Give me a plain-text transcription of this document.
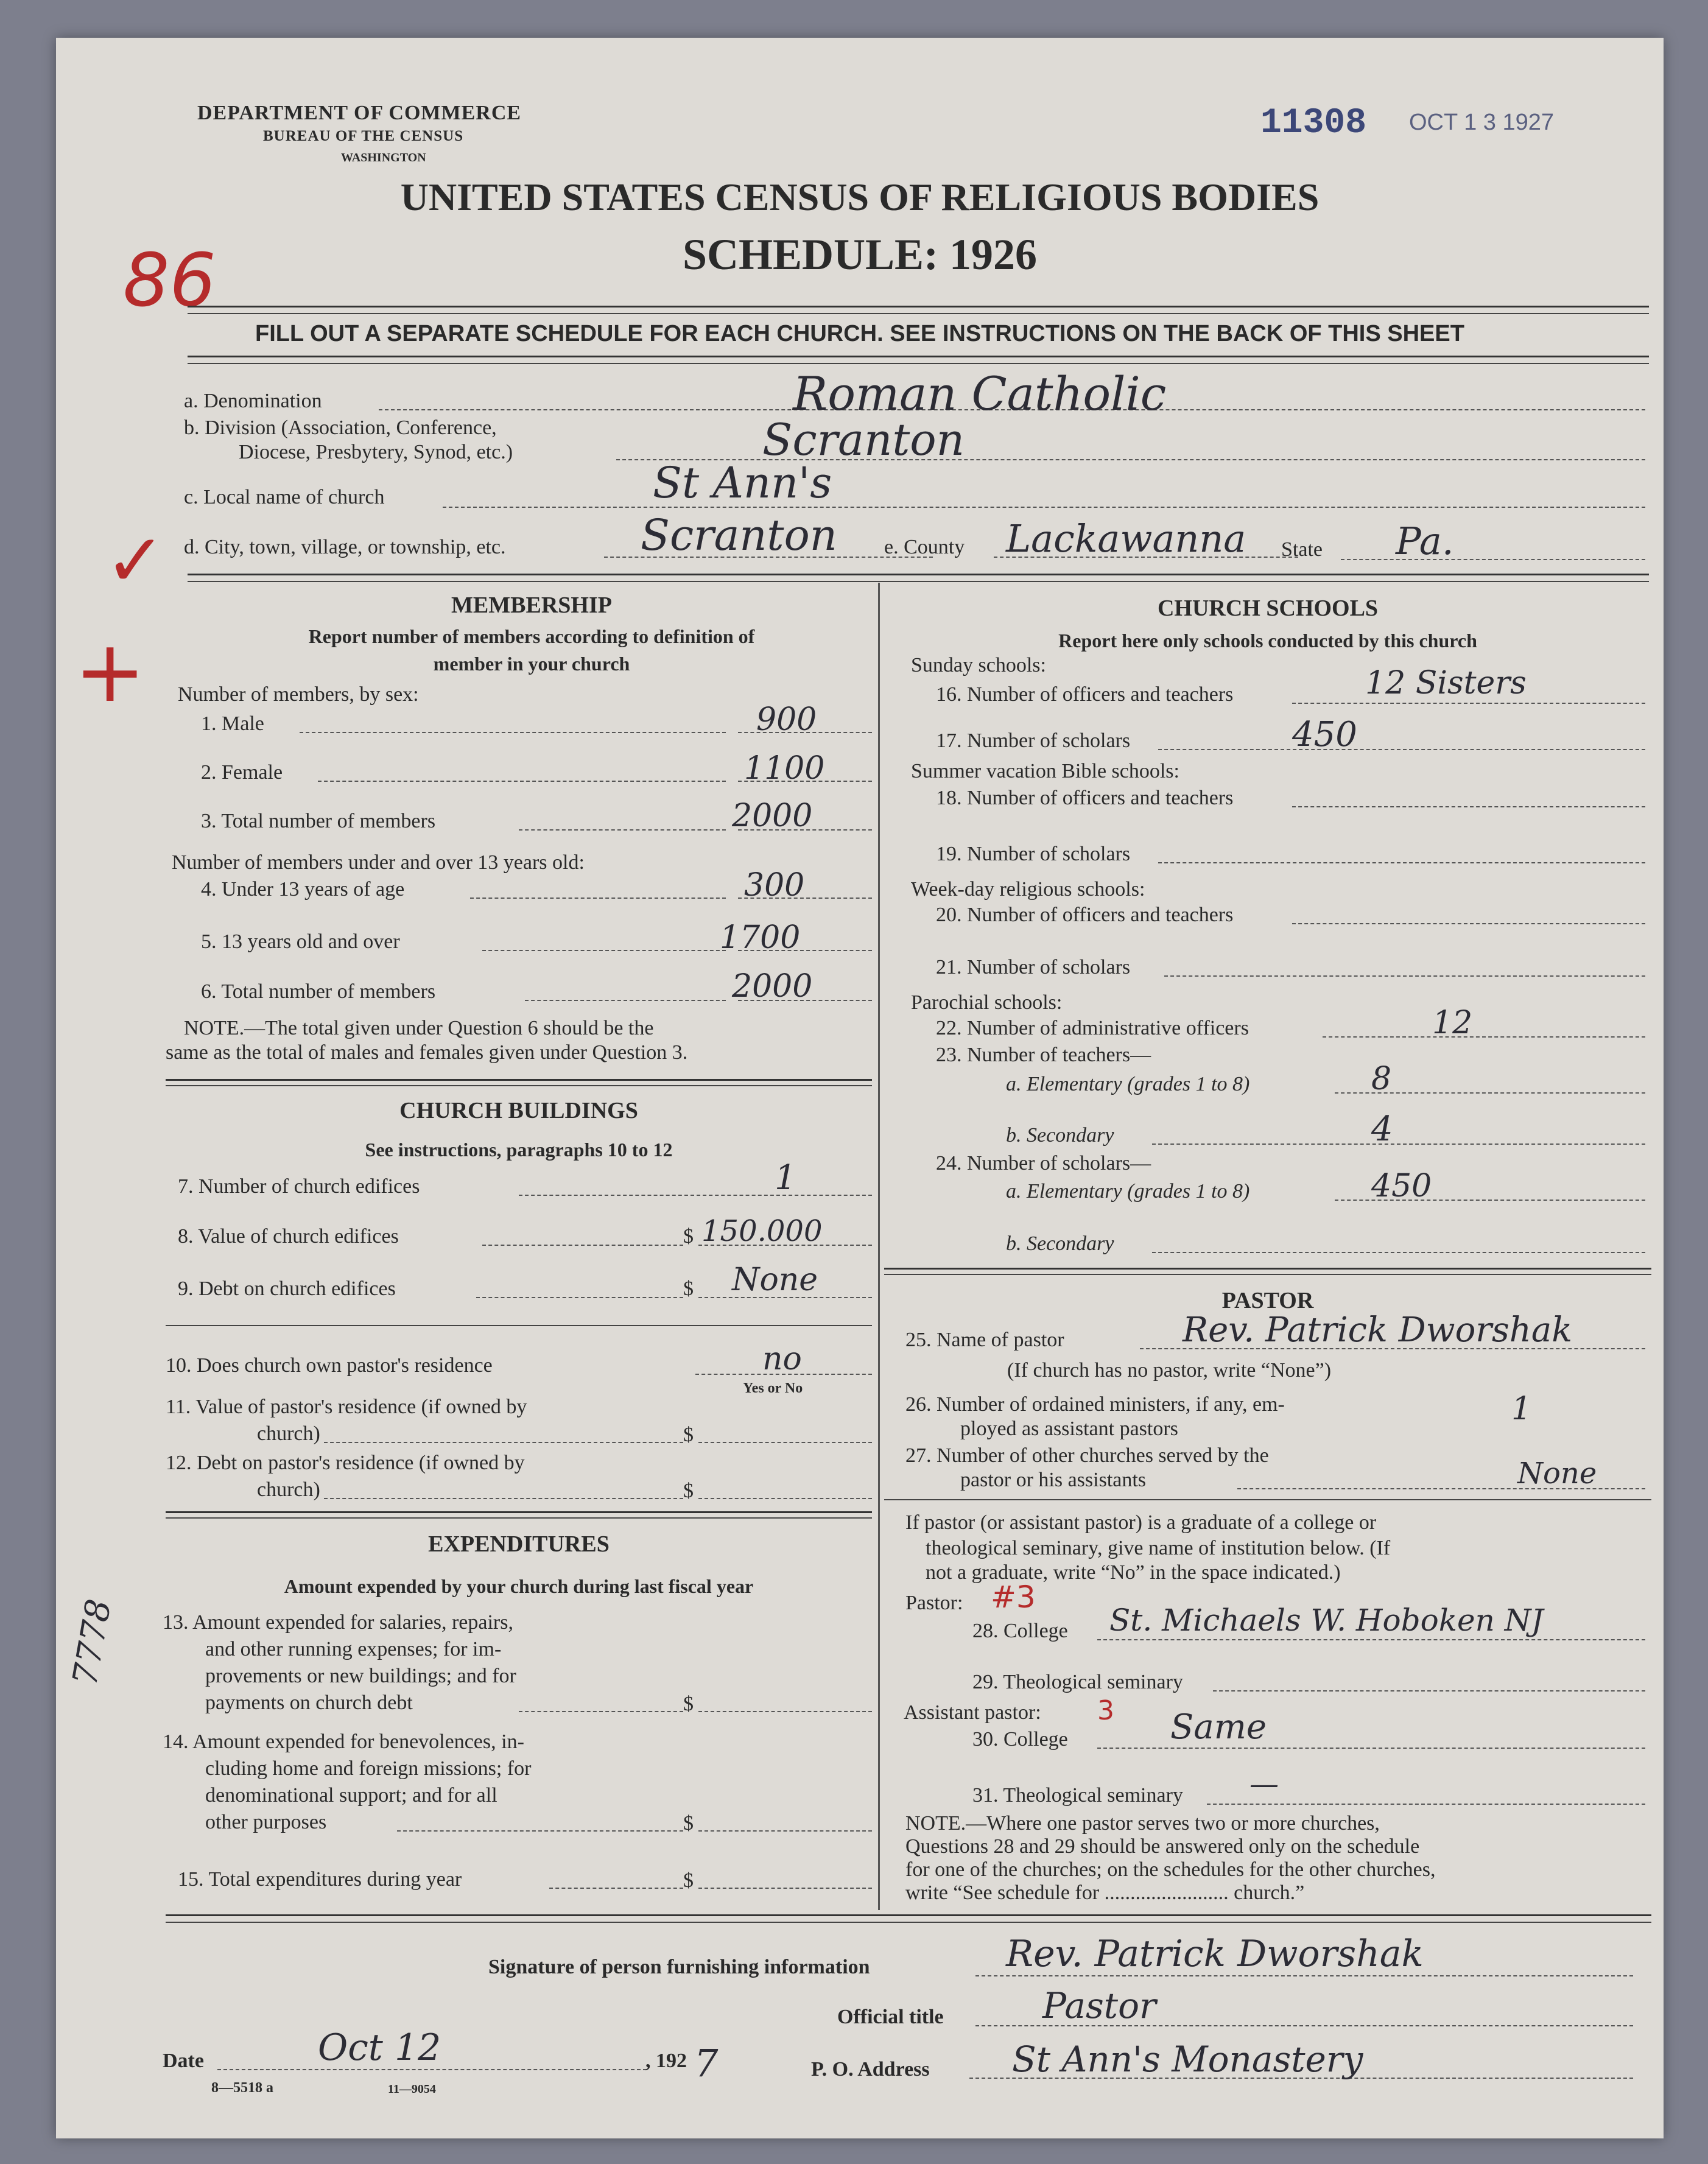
DEPARTMENT OF COMMERCE
BUREAU OF THE CENSUS
WASHINGTON
11308 OCT 1 3 1927
UNITED STATES CENSUS OF RELIGIOUS BODIES
SCHEDULE: 1926
86
FILL OUT A SEPARATE SCHEDULE FOR EACH CHURCH. SEE INSTRUCTIONS ON THE BACK OF THIS SHEET
a. Denomination	Roman Catholic
b. Division (Association, Conference,
Diocese, Presbytery, Synod, etc.)	Scranton
c. Local name of church	St Ann's
d. City, town, village, or township, etc.	Scranton e. County Lackawanna State Pa.
✓
+
MEMBERSHIP
Report number of members according to definition of
member in your church
Number of members, by sex:
1. Male	900
2. Female	1100
3. Total number of members	2000
Number of members under and over 13 years old:
4. Under 13 years of age	300
5. 13 years old and over	1700
6. Total number of members	2000
NOTE.—The total given under Question 6 should be the
same as the total of males and females given under Question 3.
CHURCH BUILDINGS
See instructions, paragraphs 10 to 12
7. Number of church edifices	1
8. Value of church edifices	$ 150.000
9. Debt on church edifices	$ None
10. Does church own pastor's residence	no
Yes or No
11. Value of pastor's residence (if owned by
church)	$
12. Debt on pastor's residence (if owned by
church)	$
EXPENDITURES
Amount expended by your church during last fiscal year
13. Amount expended for salaries, repairs,
and other running expenses; for im-
provements or new buildings; and for
payments on church debt	$
14. Amount expended for benevolences, in-
cluding home and foreign missions; for
denominational support; and for all
other purposes	$
15. Total expenditures during year	$
7778
CHURCH SCHOOLS
Report here only schools conducted by this church
Sunday schools:
16. Number of officers and teachers	12 Sisters
17. Number of scholars	450
Summer vacation Bible schools:
18. Number of officers and teachers
19. Number of scholars
Week-day religious schools:
20. Number of officers and teachers
21. Number of scholars
Parochial schools:
22. Number of administrative officers	12
23. Number of teachers—
a. Elementary (grades 1 to 8)	8
b. Secondary	4
24. Number of scholars—
a. Elementary (grades 1 to 8)	450
b. Secondary
PASTOR
25. Name of pastor	Rev. Patrick Dworshak
(If church has no pastor, write “None”)
26. Number of ordained ministers, if any, em-
ployed as assistant pastors
1
27. Number of other churches served by the
pastor or his assistants	None
If pastor (or assistant pastor) is a graduate of a college or
theological seminary, give name of institution below. (If
not a graduate, write “No” in the space indicated.)
Pastor: #3
28. College St. Michaels W. Hoboken NJ
29. Theological seminary
Assistant pastor: 3
30. College	Same
31. Theological seminary —
NOTE.—Where one pastor serves two or more churches,
Questions 28 and 29 should be answered only on the schedule
for one of the churches; on the schedules for the other churches,
write “See schedule for ........................ church.”
Signature of person furnishing information	Rev. Patrick Dworshak
Official title	Pastor
Date	Oct 12	, 192 7	P. O. Address St Ann's Monastery
8—5518 a	11—9054
